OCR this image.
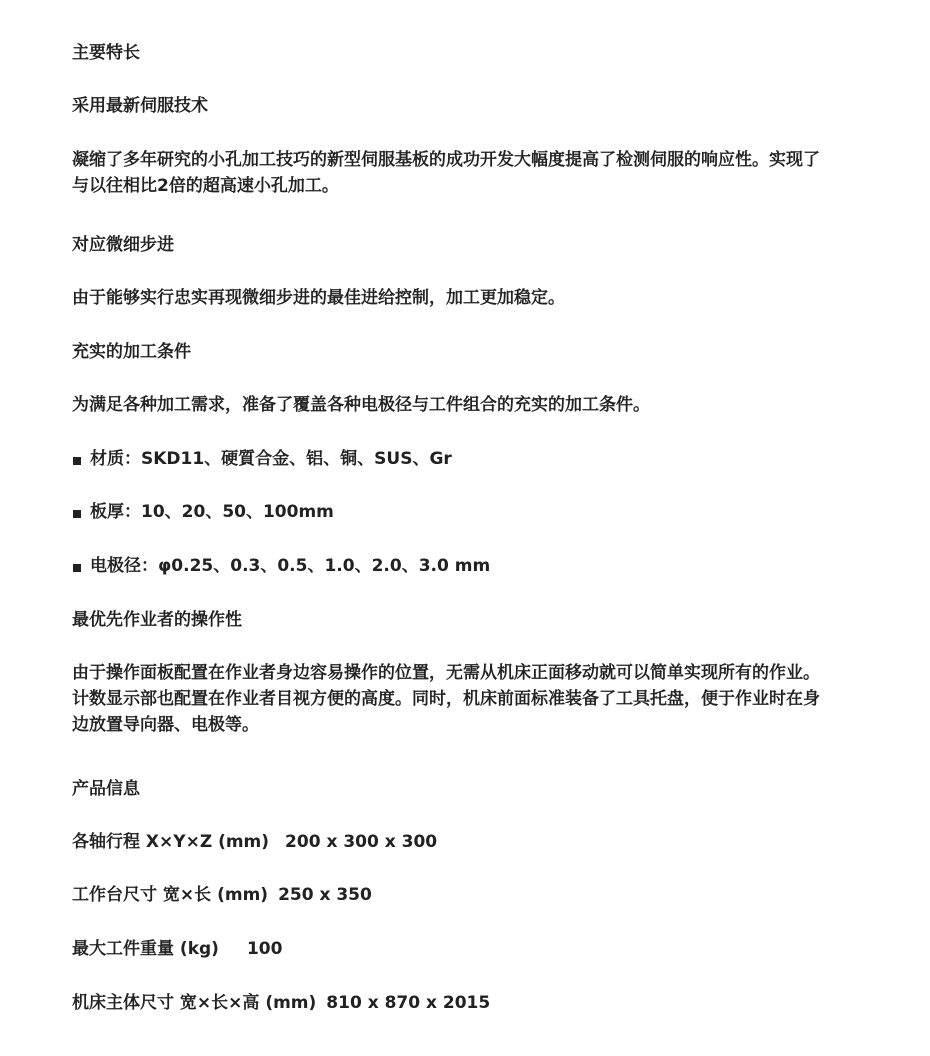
主要特长
采用最新伺服技术
凝缩了多年研究的小孔加工技巧的新型伺服基板的成功开发大幅度提高了检测伺服的响应性。实现了与以往相比2倍的超高速小孔加工。
对应微细步进
由于能够实行忠实再现微细步进的最佳进给控制，加工更加稳定。
充实的加工条件
为满足各种加工需求，准备了覆盖各种电极径与工件组合的充实的加工条件。
材质：SKD11、硬質合金、铝、铜、SUS、Gr
板厚：10、20、50、100mm
电极径：φ0.25、0.3、0.5、1.0、2.0、3.0 mm
最优先作业者的操作性
由于操作面板配置在作业者身边容易操作的位置，无需从机床正面移动就可以简单实现所有的作业。计数显示部也配置在作业者目视方便的高度。同时，机床前面标准装备了工具托盘，便于作业时在身边放置导向器、电极等。
产品信息
各轴行程 X×Y×Z (mm) 200 x 300 x 300
工作台尺寸 宽×长 (mm) 250 x 350
最大工件重量 (kg) 100
机床主体尺寸 宽×长×高 (mm) 810 x 870 x 2015
